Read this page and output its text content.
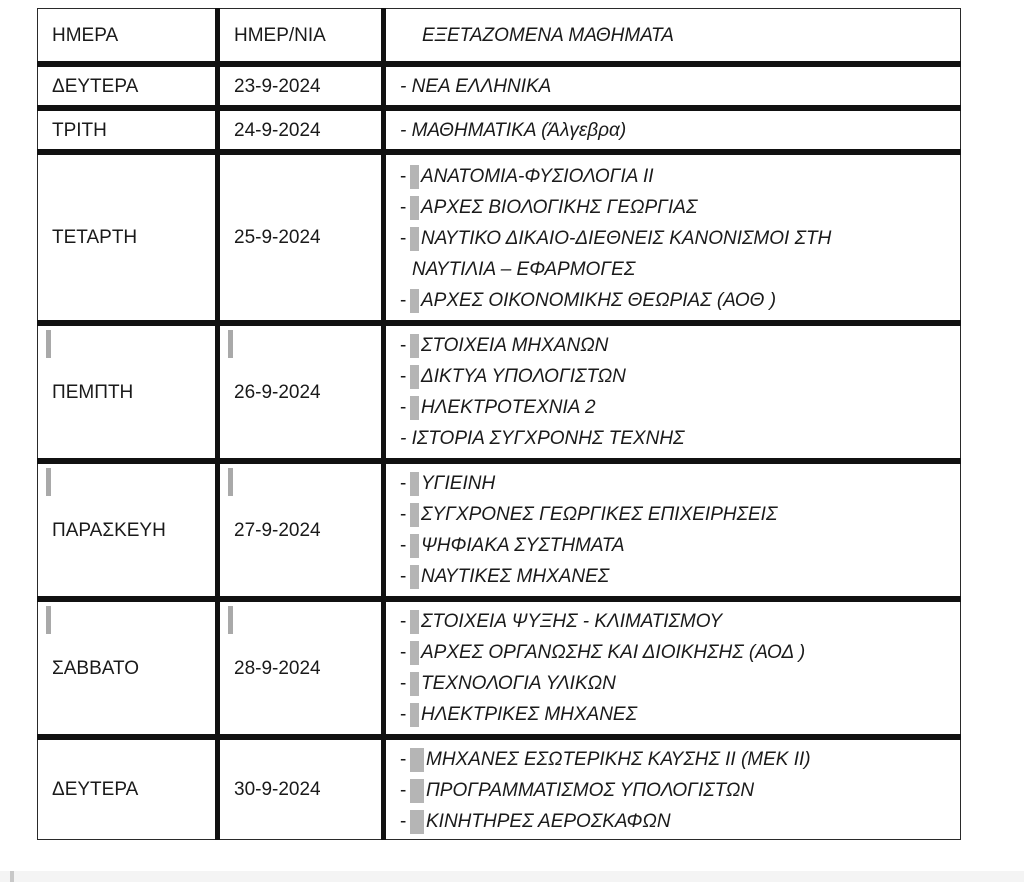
ΗΜΕΡΑ	ΗΜΕΡ/ΝΙΑ	ΕΞΕΤΑΖΟΜΕΝΑ ΜΑΘΗΜΑΤΑ
ΔΕΥΤΕΡΑ	23-9-2024	- ΝΕΑ ΕΛΛΗΝΙΚΑ

ΤΡΙΤΗ	24-9-2024	- ΜΑΘΗΜΑΤΙΚΑ (Άλγεβρα)

ΤΕΤΑΡΤΗ	25-9-2024	- ΑΝΑΤΟΜΙΑ-ΦΥΣΙΟΛΟΓΙΑ ΙΙ
- ΑΡΧΕΣ ΒΙΟΛΟΓΙΚΗΣ ΓΕΩΡΓΙΑΣ
- ΝΑΥΤΙΚΟ ΔΙΚΑΙΟ-ΔΙΕΘΝΕΙΣ ΚΑΝΟΝΙΣΜΟΙ ΣΤΗ
ΝΑΥΤΙΛΙΑ – ΕΦΑΡΜΟΓΕΣ
- ΑΡΧΕΣ ΟΙΚΟΝΟΜΙΚΗΣ ΘΕΩΡΙΑΣ (ΑΟΘ )

ΠΕΜΠΤΗ	26-9-2024	- ΣΤΟΙΧΕΙΑ ΜΗΧΑΝΩΝ
- ΔΙΚΤΥΑ ΥΠΟΛΟΓΙΣΤΩΝ
- ΗΛΕΚΤΡΟΤΕΧΝΙΑ 2
- ΙΣΤΟΡΙΑ ΣΥΓΧΡΟΝΗΣ ΤΕΧΝΗΣ

ΠΑΡΑΣΚΕΥΗ	27-9-2024	- ΥΓΙΕΙΝΗ
- ΣΥΓΧΡΟΝΕΣ ΓΕΩΡΓΙΚΕΣ ΕΠΙΧΕΙΡΗΣΕΙΣ
- ΨΗΦΙΑΚΑ ΣΥΣΤΗΜΑΤΑ
- ΝΑΥΤΙΚΕΣ ΜΗΧΑΝΕΣ

ΣΑΒΒΑΤΟ	28-9-2024	- ΣΤΟΙΧΕΙΑ ΨΥΞΗΣ - ΚΛΙΜΑΤΙΣΜΟΥ
- ΑΡΧΕΣ ΟΡΓΑΝΩΣΗΣ ΚΑΙ ΔΙΟΙΚΗΣΗΣ (ΑΟΔ )
- ΤΕΧΝΟΛΟΓΙΑ ΥΛΙΚΩΝ
- ΗΛΕΚΤΡΙΚΕΣ ΜΗΧΑΝΕΣ

ΔΕΥΤΕΡΑ	30-9-2024	- ΜΗΧΑΝΕΣ ΕΣΩΤΕΡΙΚΗΣ ΚΑΥΣΗΣ ΙΙ (ΜΕΚ ΙΙ)
- ΠΡΟΓΡΑΜΜΑΤΙΣΜΟΣ ΥΠΟΛΟΓΙΣΤΩΝ
- ΚΙΝΗΤΗΡΕΣ ΑΕΡΟΣΚΑΦΩΝ
